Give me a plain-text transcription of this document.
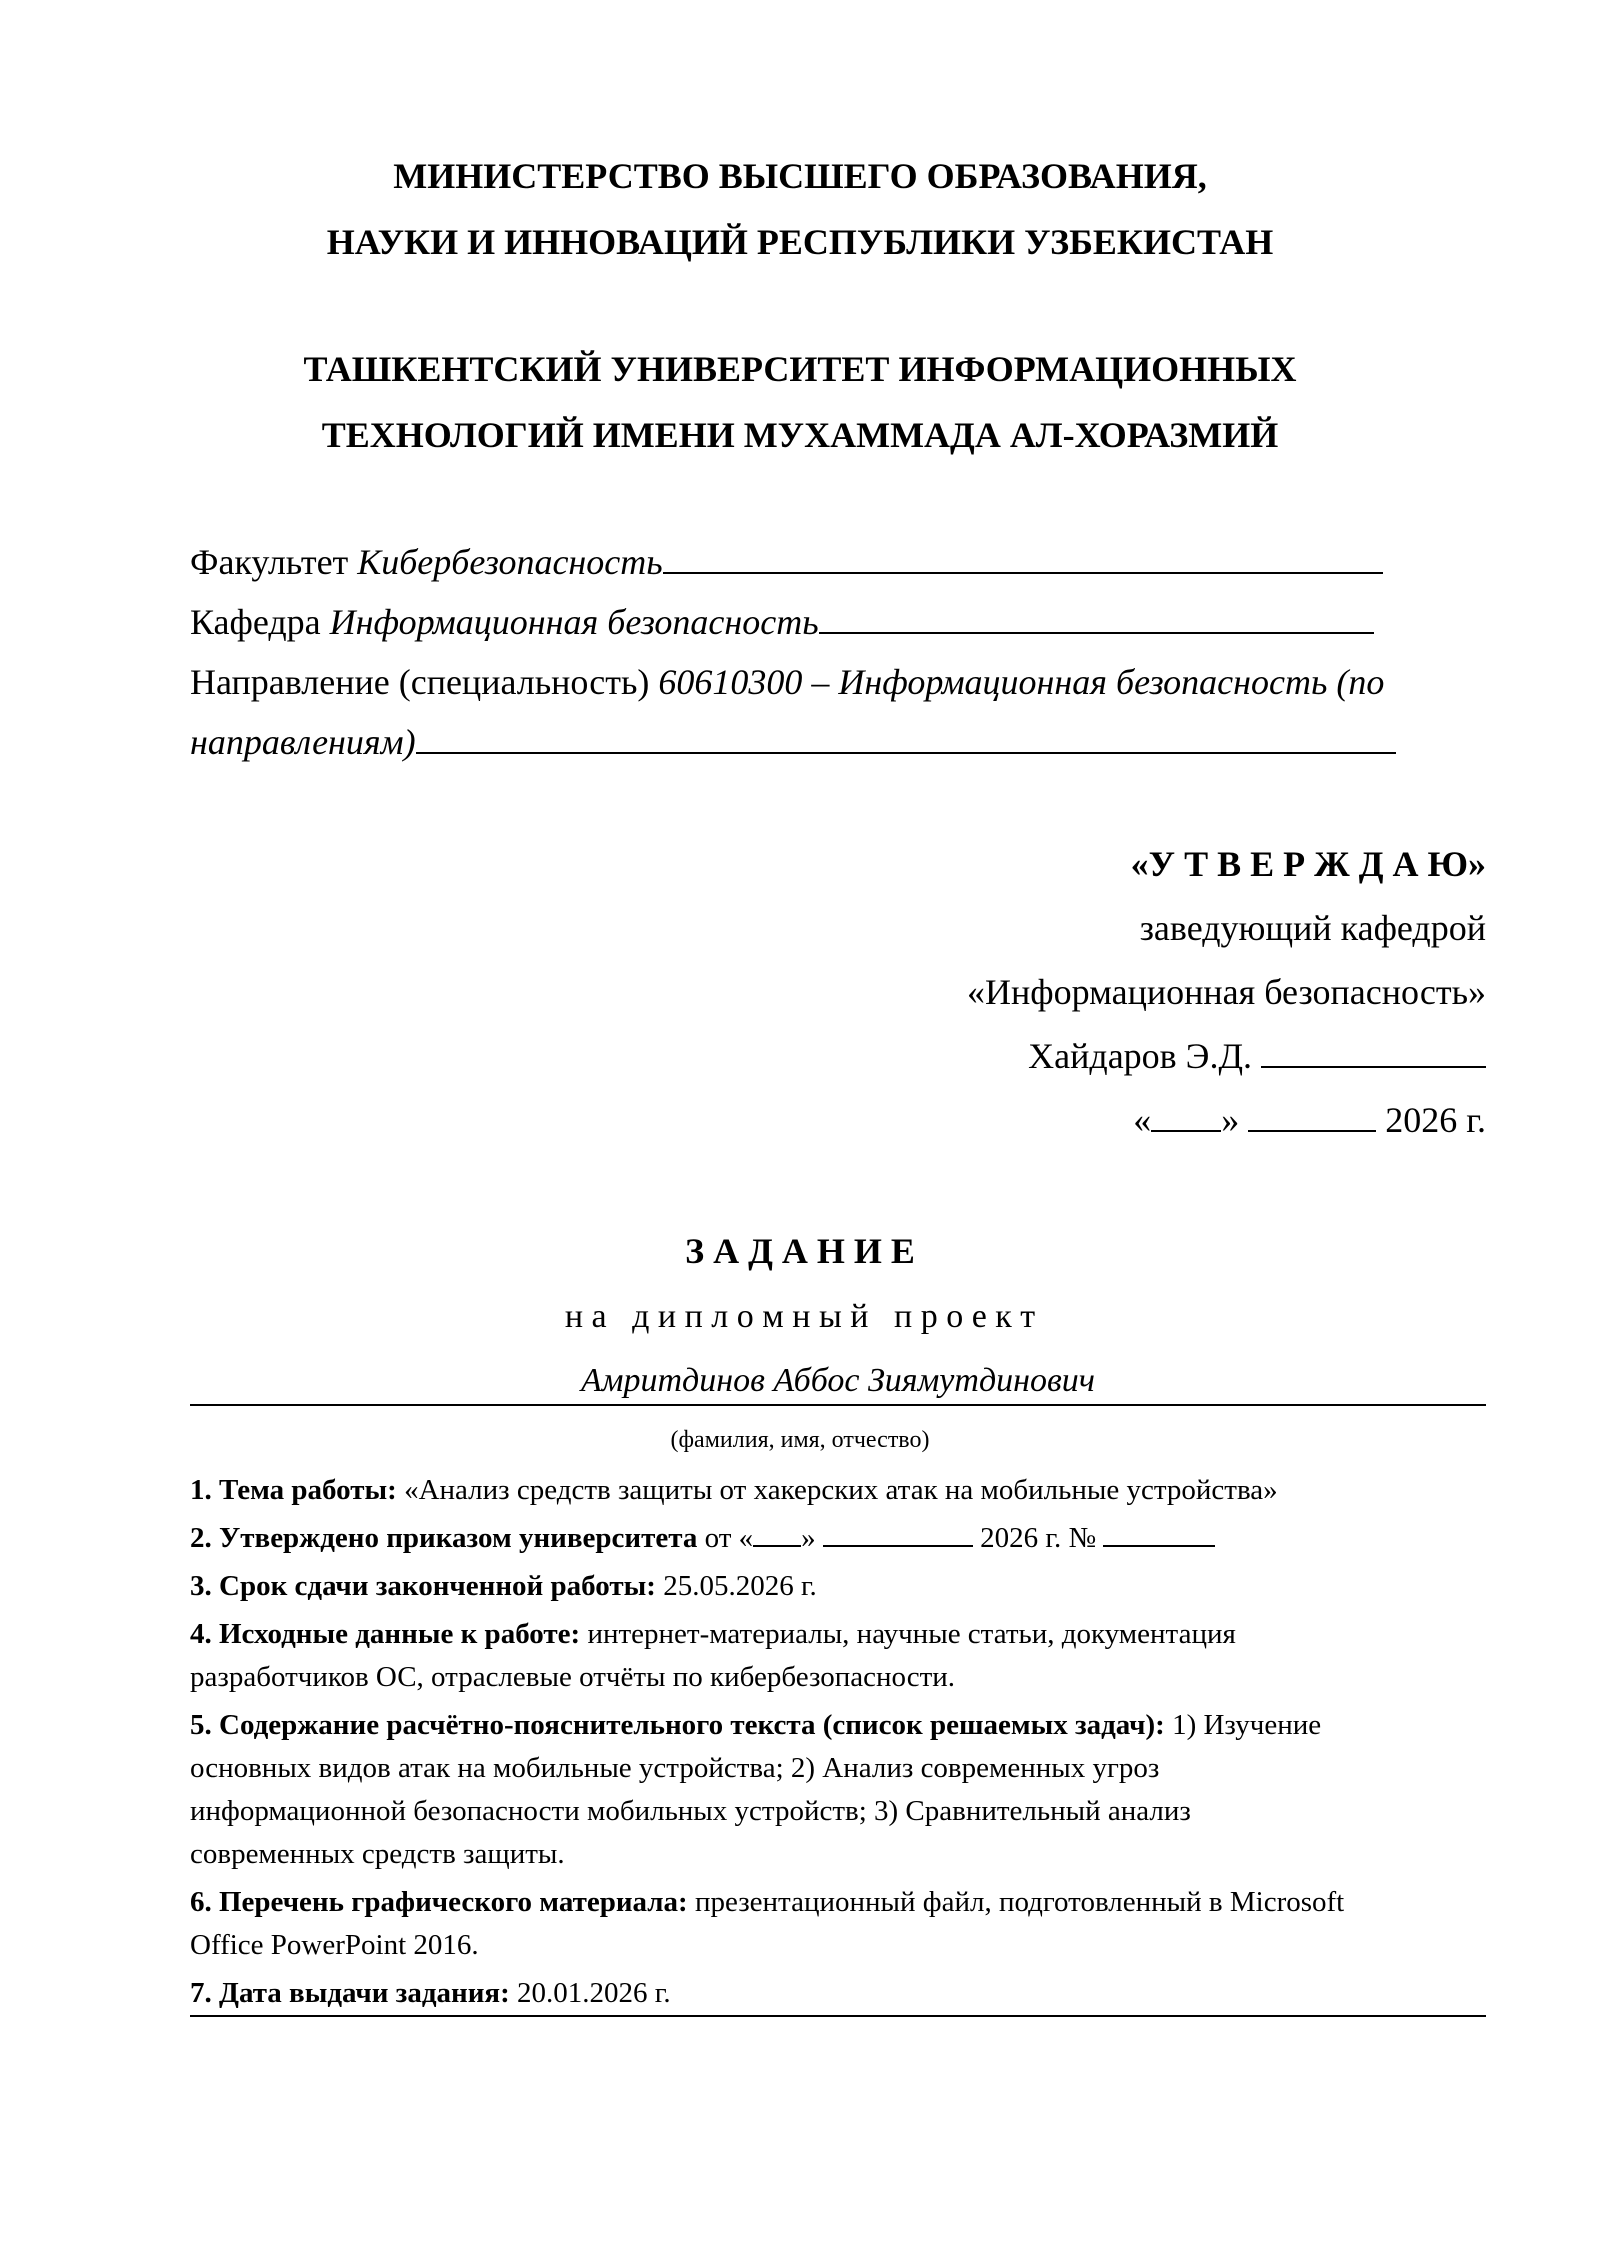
МИНИСТЕРСТВО ВЫСШЕГО ОБРАЗОВАНИЯ,
НАУКИ И ИННОВАЦИЙ РЕСПУБЛИКИ УЗБЕКИСТАН
ТАШКЕНТСКИЙ УНИВЕРСИТЕТ ИНФОРМАЦИОННЫХ
ТЕХНОЛОГИЙ ИМЕНИ МУХАММАДА АЛ-ХОРАЗМИЙ
Факультет Кибербезопасность
Кафедра Информационная безопасность
Направление (специальность) 60610300 – Информационная безопасность (по
направлениям)
«У Т В Е Р Ж Д А Ю»
заведующий кафедрой
«Информационная безопасность»
Хайдаров Э.Д.
« »	2026 г.
З А Д А Н И Е
н а   д и п л о м н ы й   п р о е к т
Амритдинов Аббос Зиямутдинович
(фамилия, имя, отчество)
1. Тема работы: «Анализ средств защиты от хакерских атак на мобильные устройства»
2. Утверждено приказом университета от « »	2026 г. №
3. Срок сдачи законченной работы: 25.05.2026 г.
4. Исходные данные к работе: интернет-материалы, научные статьи, документация
разработчиков ОС, отраслевые отчёты по кибербезопасности.
5. Содержание расчётно-пояснительного текста (список решаемых задач): 1) Изучение
основных видов атак на мобильные устройства; 2) Анализ современных угроз
информационной безопасности мобильных устройств; 3) Сравнительный анализ
современных средств защиты.
6. Перечень графического материала: презентационный файл, подготовленный в Microsoft
Office PowerPoint 2016.
7. Дата выдачи задания: 20.01.2026 г.
